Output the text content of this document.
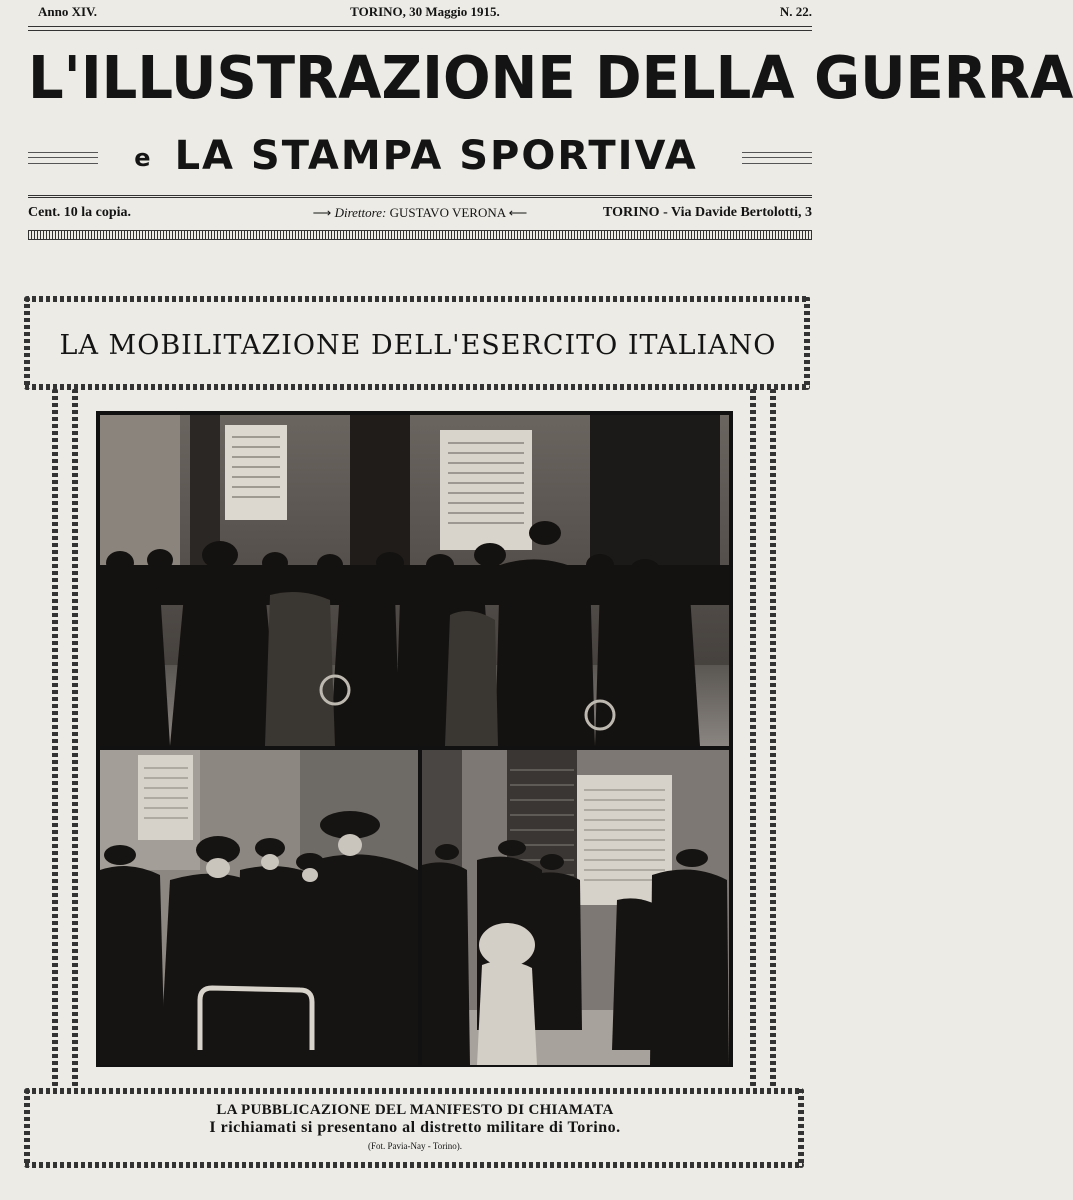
Anno XIV.	TORINO, 30 Maggio 1915.	N. 22.
L'ILLUSTRAZIONE DELLA GUERRA
e LA STAMPA SPORTIVA
Cent. 10 la copia.	⟶ Direttore: GUSTAVO VERONA ⟵	TORINO - Via Davide Bertolotti, 3
LA MOBILITAZIONE DELL'ESERCITO ITALIANO
LA PUBBLICAZIONE DEL MANIFESTO DI CHIAMATA
I richiamati si presentano al distretto militare di Torino.
(Fot. Pavia-Nay - Torino).
